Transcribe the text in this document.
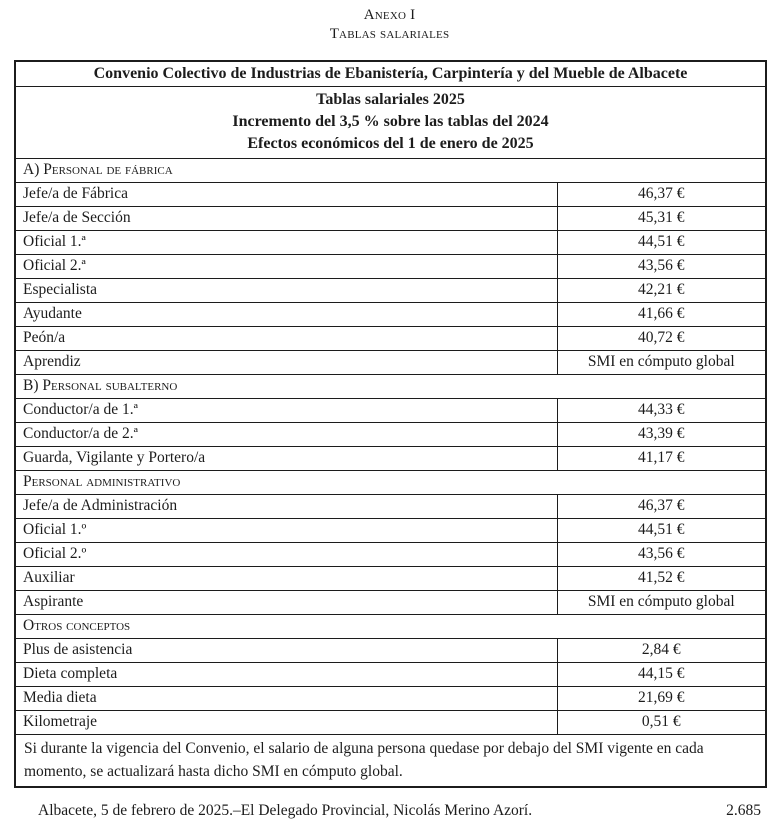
Anexo I
Tablas salariales
Convenio Colectivo de Industrias de Ebanistería, Carpintería y del Mueble de Albacete	

Tablas salariales 2025
Incremento del 3,5 % sobre las tablas del 2024
Efectos económicos del 1 de enero de 2025	

A) Personal de fábrica	
Jefe/a de Fábrica	46,37 €
Jefe/a de Sección	45,31 €
Oficial 1.ª	44,51 €
Oficial 2.ª	43,56 €
Especialista	42,21 €
Ayudante	41,66 €
Peón/a	40,72 €
Aprendiz	SMI en cómputo global
B) Personal subalterno	
Conductor/a de 1.ª	44,33 €
Conductor/a de 2.ª	43,39 €
Guarda, Vigilante y Portero/a	41,17 €
Personal administrativo	
Jefe/a de Administración	46,37 €
Oficial 1.º	44,51 €
Oficial 2.º	43,56 €
Auxiliar	41,52 €
Aspirante	SMI en cómputo global
Otros conceptos	
Plus de asistencia	2,84 €
Dieta completa	44,15 €
Media dieta	21,69 €
Kilometraje	0,51 €
Si durante la vigencia del Convenio, el salario de alguna persona quedase por debajo del SMI vigente en cada momento, se actualizará hasta dicho SMI en cómputo global.	
Albacete, 5 de febrero de 2025.–El Delegado Provincial, Nicolás Merino Azorí.	2.685
